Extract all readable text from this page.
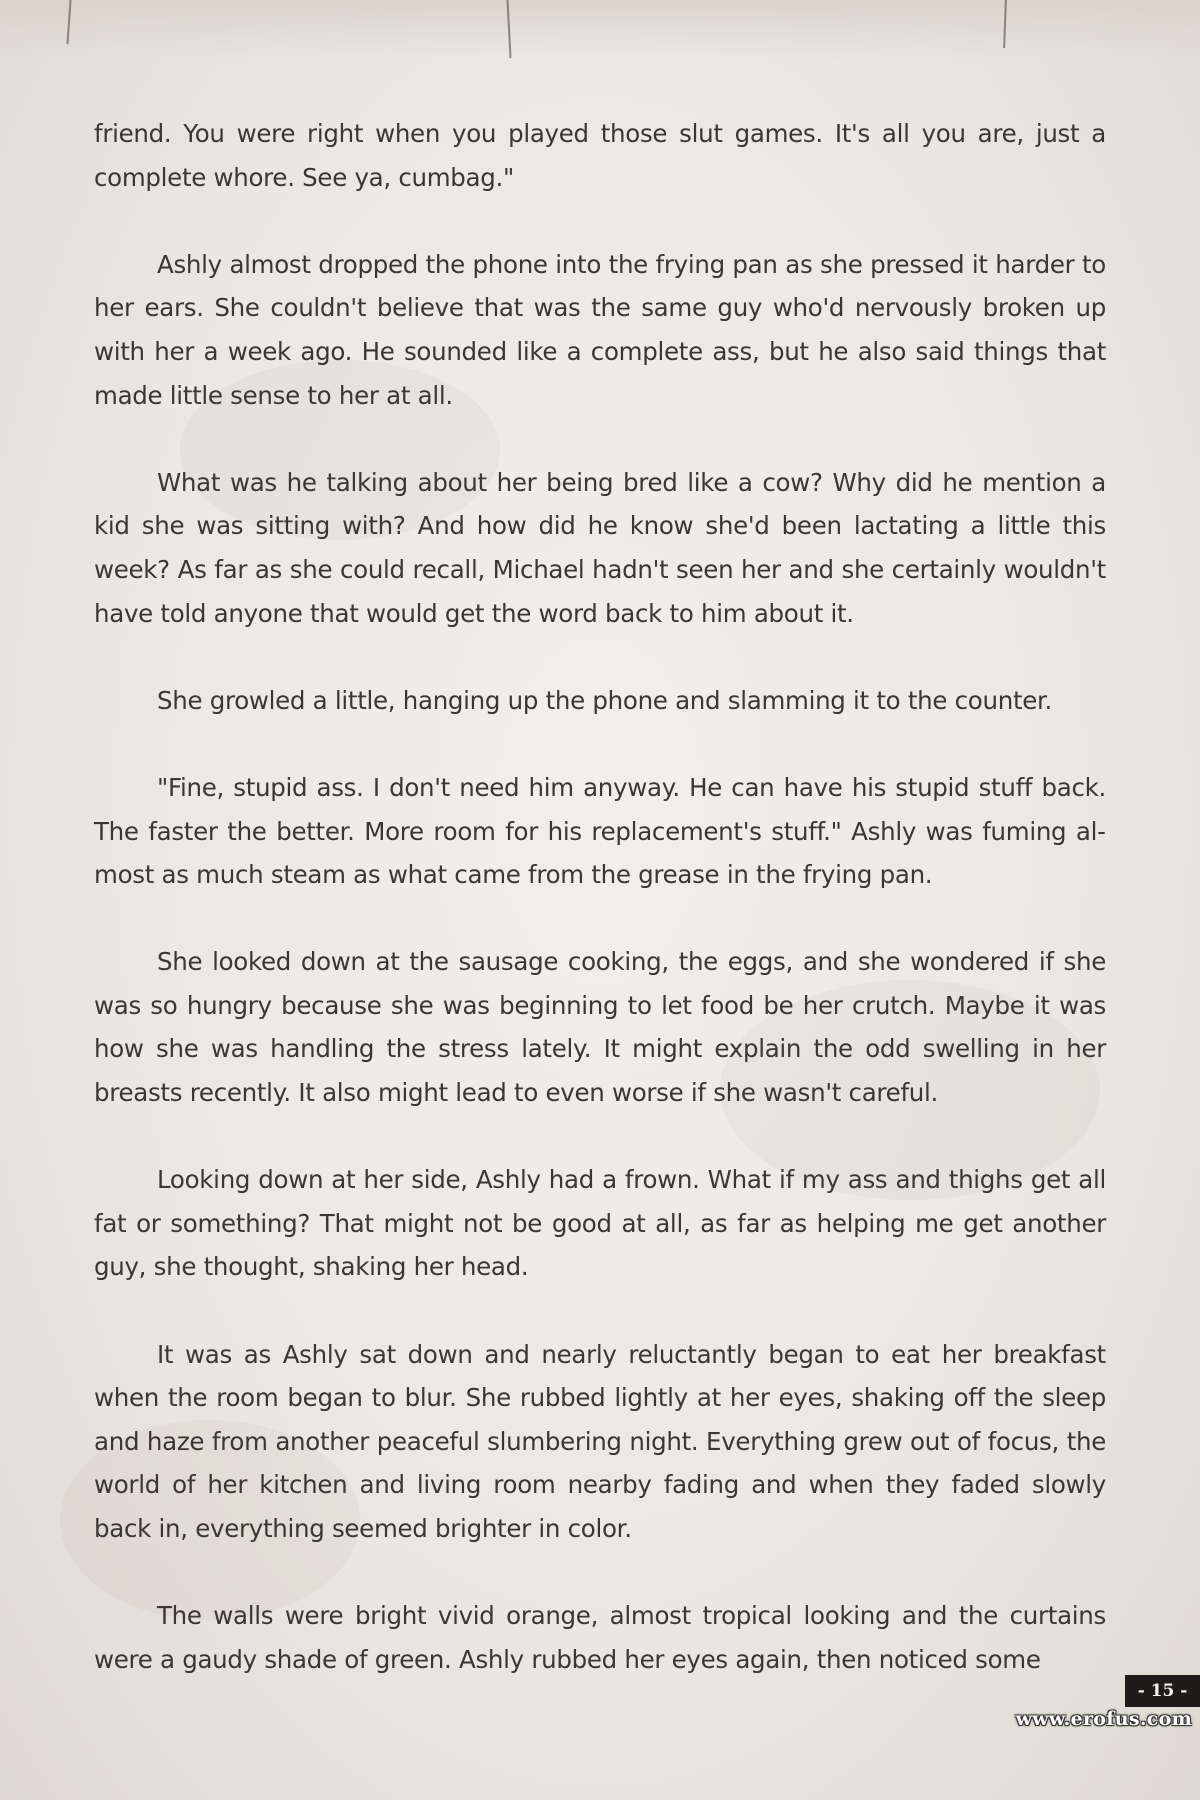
friend. You were right when you played those slut games. It's all you are, just a complete whore. See ya, cumbag."

Ashly almost dropped the phone into the frying pan as she pressed it harder to her ears. She couldn't believe that was the same guy who'd nervously broken up with her a week ago. He sounded like a complete ass, but he also said things that made little sense to her at all.

What was he talking about her being bred like a cow? Why did he mention a kid she was sitting with? And how did he know she'd been lactating a little this week? As far as she could recall, Michael hadn't seen her and she certainly wouldn't have told anyone that would get the word back to him about it.

She growled a little, hanging up the phone and slamming it to the counter.

"Fine, stupid ass. I don't need him anyway. He can have his stupid stuff back. The faster the better. More room for his replacement's stuff." Ashly was fuming almost as much steam as what came from the grease in the frying pan.

She looked down at the sausage cooking, the eggs, and she wondered if she was so hungry because she was beginning to let food be her crutch. Maybe it was how she was handling the stress lately. It might explain the odd swelling in her breasts recently. It also might lead to even worse if she wasn't careful.

Looking down at her side, Ashly had a frown. What if my ass and thighs get all fat or something? That might not be good at all, as far as helping me get another guy, she thought, shaking her head.

It was as Ashly sat down and nearly reluctantly began to eat her breakfast when the room began to blur. She rubbed lightly at her eyes, shaking off the sleep and haze from another peaceful slumbering night. Everything grew out of focus, the world of her kitchen and living room nearby fading and when they faded slowly back in, everything seemed brighter in color.

The walls were bright vivid orange, almost tropical looking and the curtains were a gaudy shade of green. Ashly rubbed her eyes again, then noticed some

- 15 -
www.erofus.com
